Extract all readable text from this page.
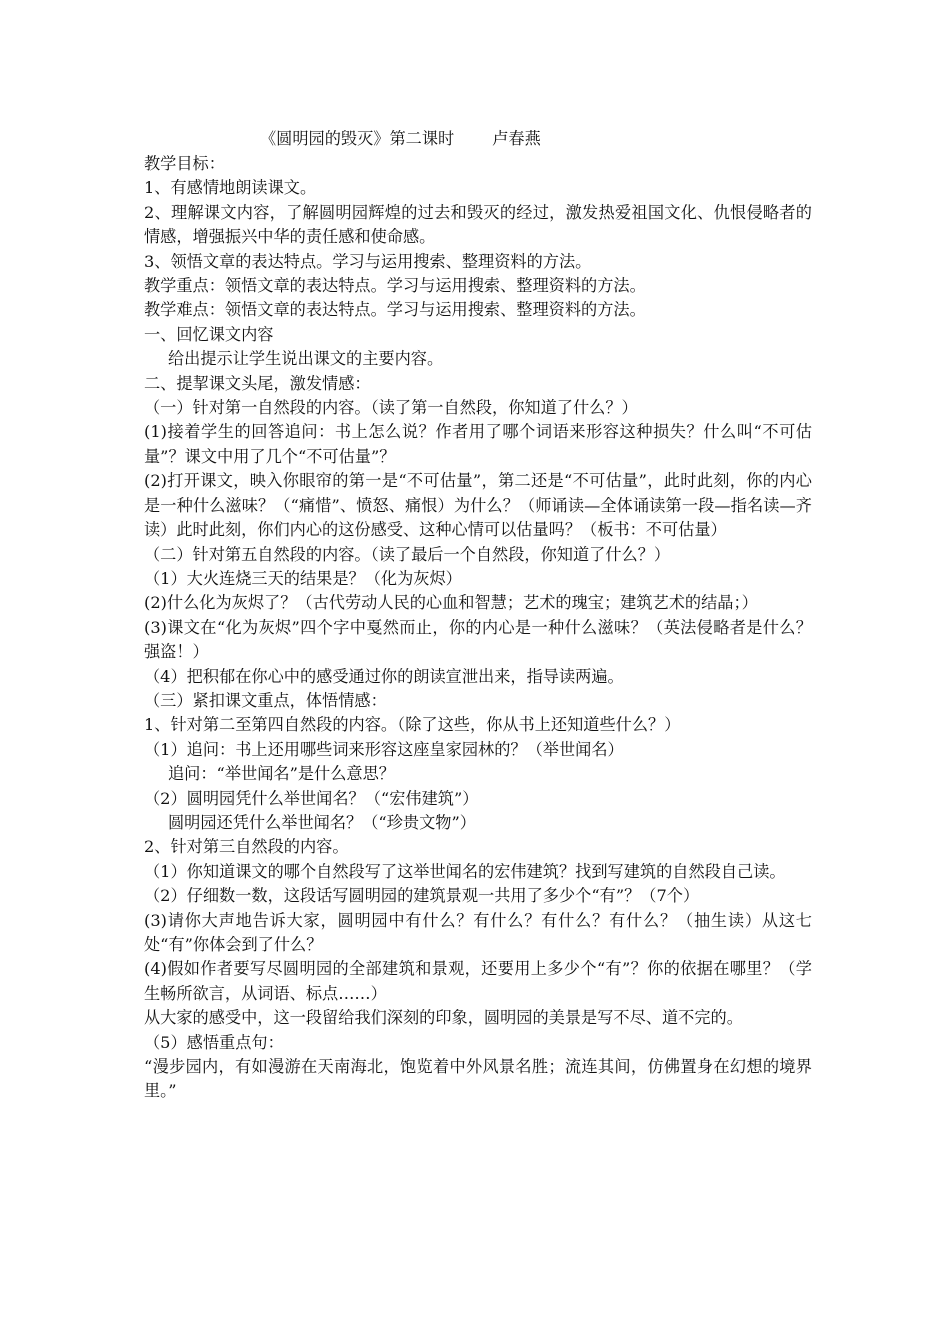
《圆明园的毁灭》第二课时 卢春燕

教学目标：

1、有感情地朗读课文。

2、理解课文内容，了解圆明园辉煌的过去和毁灭的经过，激发热爱祖国文化、仇恨侵略者的情感，增强振兴中华的责任感和使命感。

3、领悟文章的表达特点。学习与运用搜索、整理资料的方法。

教学重点：领悟文章的表达特点。学习与运用搜索、整理资料的方法。

教学难点：领悟文章的表达特点。学习与运用搜索、整理资料的方法。

一、回忆课文内容

给出提示让学生说出课文的主要内容。

二、提挈课文头尾，激发情感：

（一）针对第一自然段的内容。（读了第一自然段，你知道了什么？）

(1)接着学生的回答追问：书上怎么说？作者用了哪个词语来形容这种损失？什么叫“不可估量”？课文中用了几个“不可估量”？

(2)打开课文，映入你眼帘的第一是“不可估量”，第二还是“不可估量”，此时此刻，你的内心是一种什么滋味？（“痛惜”、愤怒、痛恨）为什么？（师诵读—全体诵读第一段—指名读—齐读）此时此刻，你们内心的这份感受、这种心情可以估量吗？（板书：不可估量）

（二）针对第五自然段的内容。（读了最后一个自然段，你知道了什么？）

（1）大火连烧三天的结果是？（化为灰烬）

(2)什么化为灰烬了？（古代劳动人民的心血和智慧；艺术的瑰宝；建筑艺术的结晶；）

(3)课文在“化为灰烬”四个字中戛然而止，你的内心是一种什么滋味？（英法侵略者是什么？强盗！）

（4）把积郁在你心中的感受通过你的朗读宣泄出来，指导读两遍。

（三）紧扣课文重点，体悟情感：

1、针对第二至第四自然段的内容。（除了这些，你从书上还知道些什么？）

（1）追问：书上还用哪些词来形容这座皇家园林的？（举世闻名）

追问：“举世闻名”是什么意思？

（2）圆明园凭什么举世闻名？（“宏伟建筑”）

圆明园还凭什么举世闻名？（“珍贵文物”）

2、针对第三自然段的内容。

（1）你知道课文的哪个自然段写了这举世闻名的宏伟建筑？找到写建筑的自然段自己读。

（2）仔细数一数，这段话写圆明园的建筑景观一共用了多少个“有”？（7个）

(3)请你大声地告诉大家，圆明园中有什么？有什么？有什么？有什么？（抽生读）从这七处“有”你体会到了什么？

(4)假如作者要写尽圆明园的全部建筑和景观，还要用上多少个“有”？你的依据在哪里？（学生畅所欲言，从词语、标点……）

从大家的感受中，这一段留给我们深刻的印象，圆明园的美景是写不尽、道不完的。

（5）感悟重点句：

“漫步园内，有如漫游在天南海北，饱览着中外风景名胜；流连其间，仿佛置身在幻想的境界里。”
